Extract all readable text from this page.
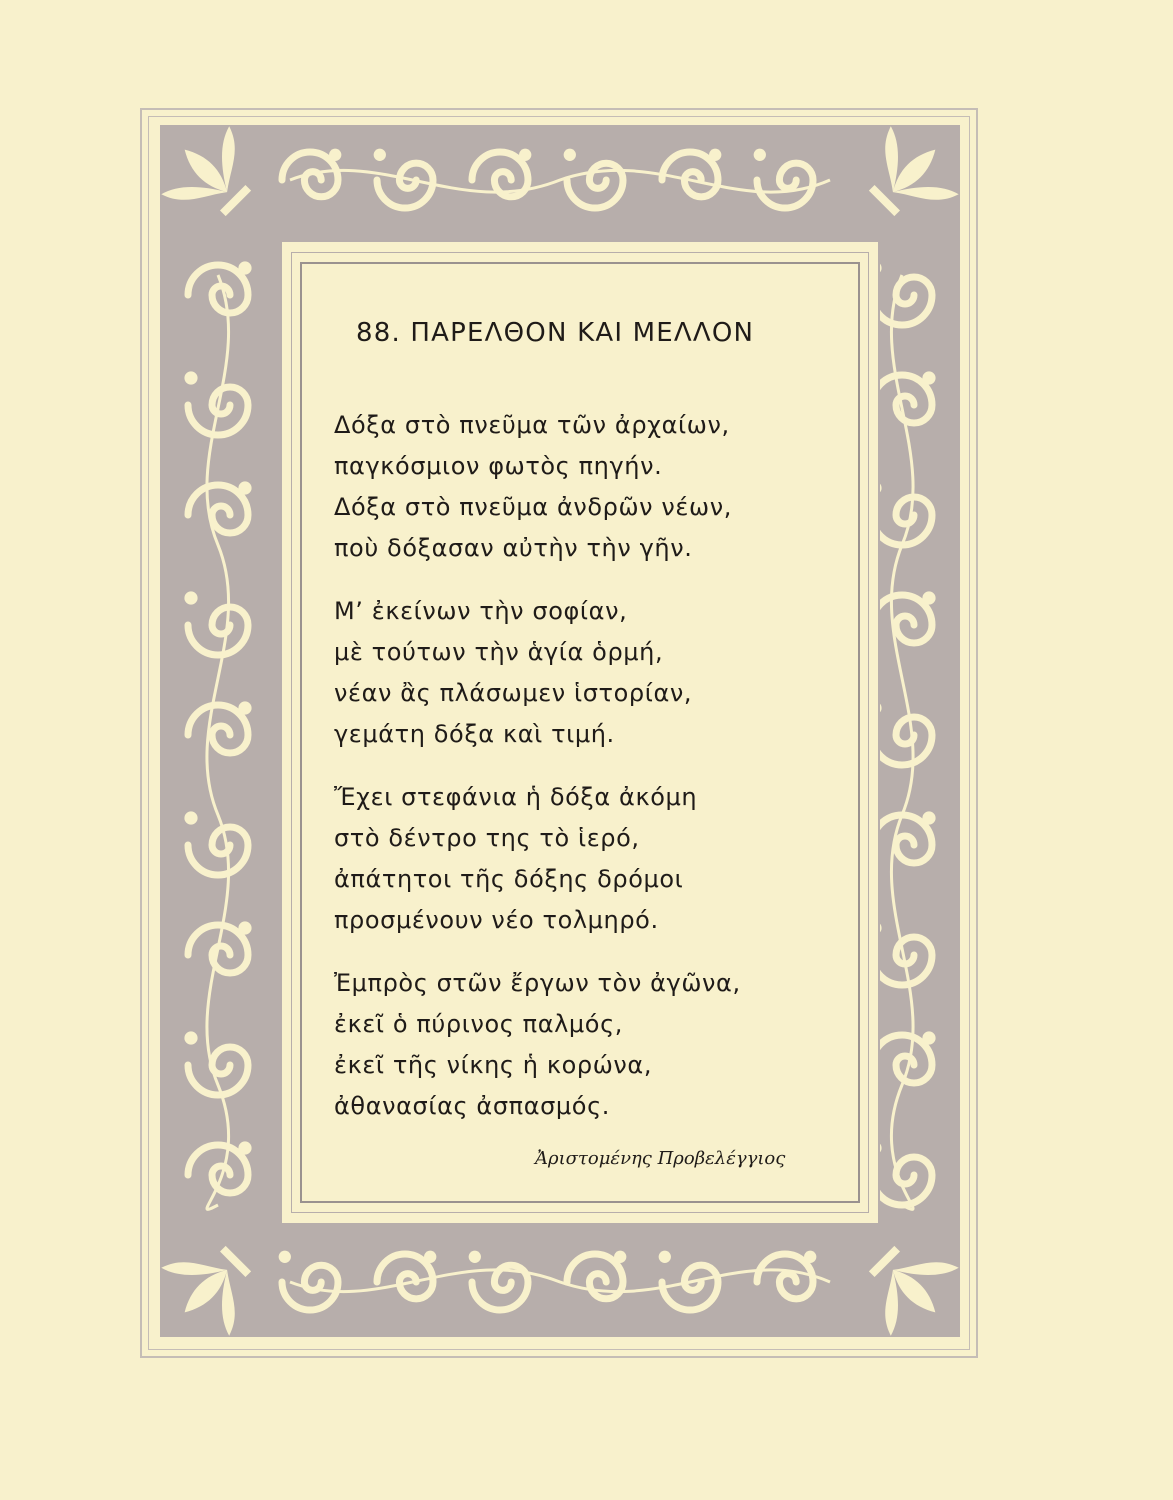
88. ΠΑΡΕΛΘΟΝ ΚΑΙ ΜΕΛΛΟΝ
Δόξα στὸ πνεῦμα τῶν ἀρχαίων,
παγκόσμιον φωτὸς πηγήν.
Δόξα στὸ πνεῦμα ἀνδρῶν νέων,
ποὺ δόξασαν αὐτὴν τὴν γῆν.
Μ’ ἐκείνων τὴν σοφίαν,
μὲ τούτων τὴν ἁγία ὁρμή,
νέαν ἂς πλάσωμεν ἱστορίαν,
γεμάτη δόξα καὶ τιμή.
Ἔχει στεφάνια ἡ δόξα ἀκόμη
στὸ δέντρο της τὸ ἱερό,
ἀπάτητοι τῆς δόξης δρόμοι
προσμένουν νέο τολμηρό.
Ἐμπρὸς στῶν ἔργων τὸν ἀγῶνα,
ἐκεῖ ὁ πύρινος παλμός,
ἐκεῖ τῆς νίκης ἡ κορώνα,
ἀθανασίας ἀσπασμός.
Ἀριστομένης Προβελέγγιος
